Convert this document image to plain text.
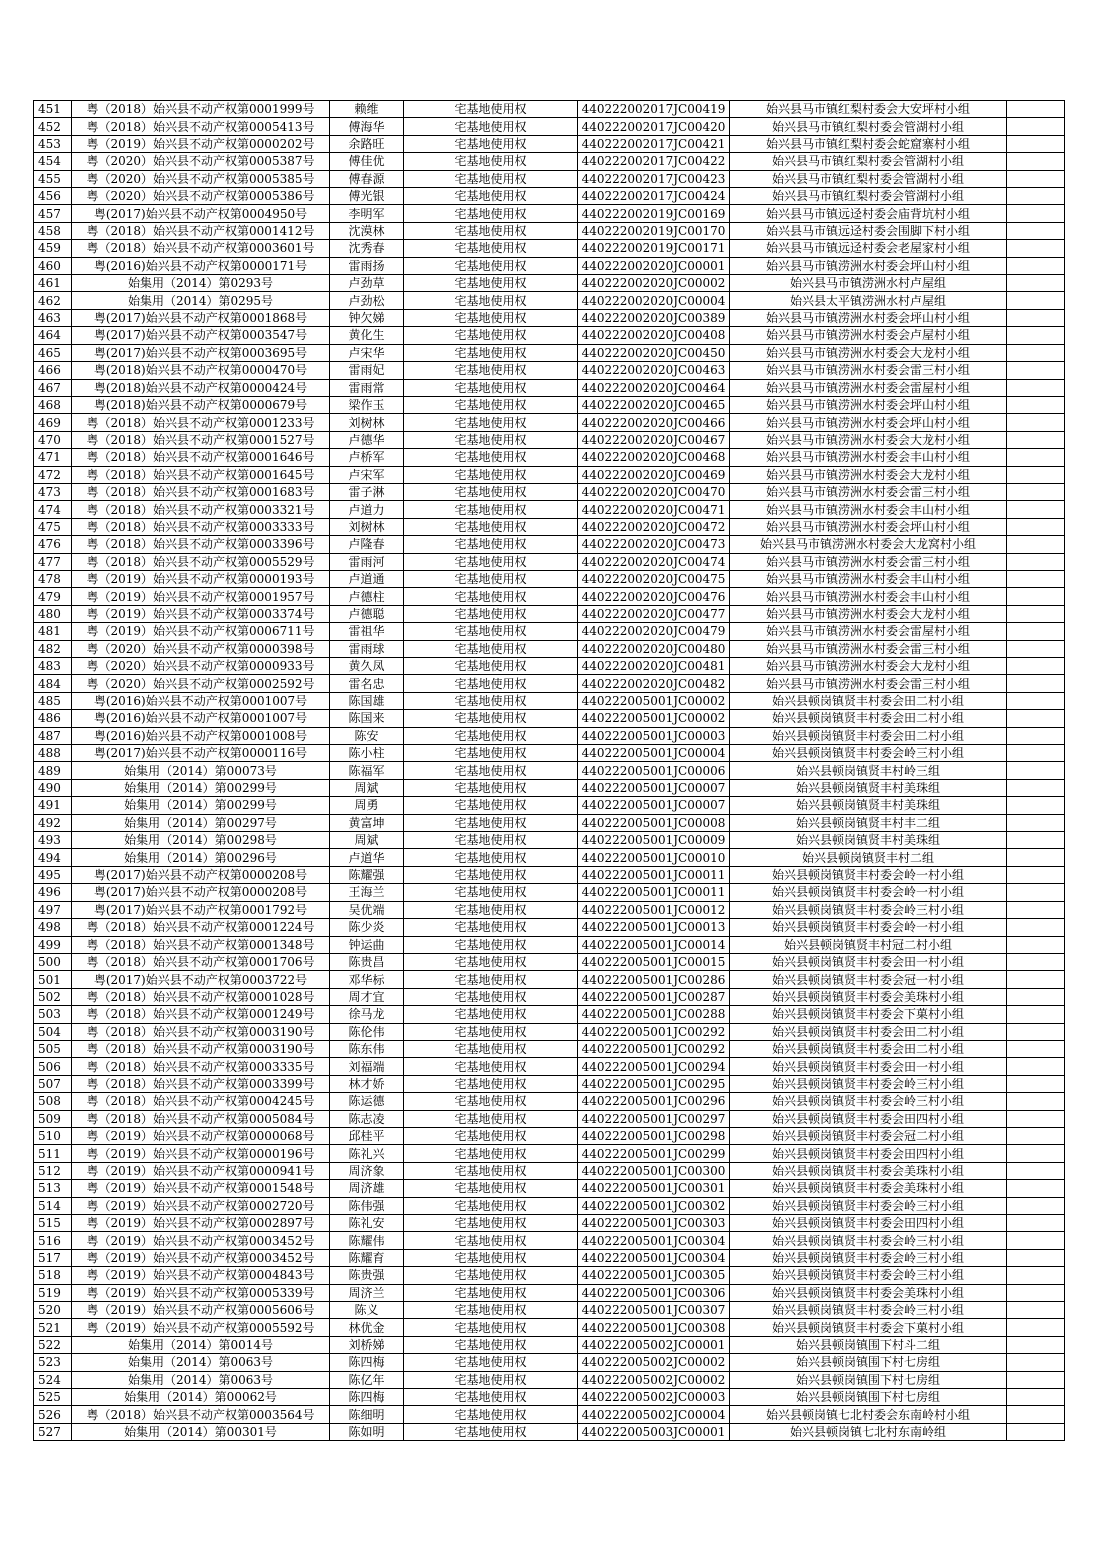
451	粤（2018）始兴县不动产权第0001999号	赖维	宅基地使用权	440222002017JC00419	始兴县马市镇红梨村委会大安坪村小组	
452	粤（2018）始兴县不动产权第0005413号	傅海华	宅基地使用权	440222002017JC00420	始兴县马市镇红梨村委会管湖村小组	
453	粤（2019）始兴县不动产权第0000202号	余路旺	宅基地使用权	440222002017JC00421	始兴县马市镇红梨村委会蛇窟寨村小组	
454	粤（2020）始兴县不动产权第0005387号	傅佳优	宅基地使用权	440222002017JC00422	始兴县马市镇红梨村委会管湖村小组	
455	粤（2020）始兴县不动产权第0005385号	傅春源	宅基地使用权	440222002017JC00423	始兴县马市镇红梨村委会管湖村小组	
456	粤（2020）始兴县不动产权第0005386号	傅光银	宅基地使用权	440222002017JC00424	始兴县马市镇红梨村委会管湖村小组	
457	粤(2017)始兴县不动产权第0004950号	李明军	宅基地使用权	440222002019JC00169	始兴县马市镇远迳村委会庙背坑村小组	
458	粤（2018）始兴县不动产权第0001412号	沈漠林	宅基地使用权	440222002019JC00170	始兴县马市镇远迳村委会围脚下村小组	
459	粤（2018）始兴县不动产权第0003601号	沈秀春	宅基地使用权	440222002019JC00171	始兴县马市镇远迳村委会老屋家村小组	
460	粤(2016)始兴县不动产权第0000171号	雷雨扬	宅基地使用权	440222002020JC00001	始兴县马市镇涝洲水村委会坪山村小组	
461	始集用（2014）第0293号	卢劲草	宅基地使用权	440222002020JC00002	始兴县马市镇涝洲水村卢屋组	
462	始集用（2014）第0295号	卢劲松	宅基地使用权	440222002020JC00004	始兴县太平镇涝洲水村卢屋组	
463	粤(2017)始兴县不动产权第0001868号	钟欠娣	宅基地使用权	440222002020JC00389	始兴县马市镇涝洲水村委会坪山村小组	
464	粤(2017)始兴县不动产权第0003547号	黄化生	宅基地使用权	440222002020JC00408	始兴县马市镇涝洲水村委会卢屋村小组	
465	粤(2017)始兴县不动产权第0003695号	卢宋华	宅基地使用权	440222002020JC00450	始兴县马市镇涝洲水村委会大龙村小组	
466	粤(2018)始兴县不动产权第0000470号	雷雨妃	宅基地使用权	440222002020JC00463	始兴县马市镇涝洲水村委会雷三村小组	
467	粤(2018)始兴县不动产权第0000424号	雷雨常	宅基地使用权	440222002020JC00464	始兴县马市镇涝洲水村委会雷屋村小组	
468	粤(2018)始兴县不动产权第0000679号	梁作玉	宅基地使用权	440222002020JC00465	始兴县马市镇涝洲水村委会坪山村小组	
469	粤（2018）始兴县不动产权第0001233号	刘树林	宅基地使用权	440222002020JC00466	始兴县马市镇涝洲水村委会坪山村小组	
470	粤（2018）始兴县不动产权第0001527号	卢德华	宅基地使用权	440222002020JC00467	始兴县马市镇涝洲水村委会大龙村小组	
471	粤（2018）始兴县不动产权第0001646号	卢桥军	宅基地使用权	440222002020JC00468	始兴县马市镇涝洲水村委会丰山村小组	
472	粤（2018）始兴县不动产权第0001645号	卢宋军	宅基地使用权	440222002020JC00469	始兴县马市镇涝洲水村委会大龙村小组	
473	粤（2018）始兴县不动产权第0001683号	雷子淋	宅基地使用权	440222002020JC00470	始兴县马市镇涝洲水村委会雷三村小组	
474	粤（2018）始兴县不动产权第0003321号	卢道力	宅基地使用权	440222002020JC00471	始兴县马市镇涝洲水村委会丰山村小组	
475	粤（2018）始兴县不动产权第0003333号	刘树林	宅基地使用权	440222002020JC00472	始兴县马市镇涝洲水村委会坪山村小组	
476	粤（2018）始兴县不动产权第0003396号	卢隆春	宅基地使用权	440222002020JC00473	始兴县马市镇涝洲水村委会大龙窝村小组	
477	粤（2018）始兴县不动产权第0005529号	雷雨河	宅基地使用权	440222002020JC00474	始兴县马市镇涝洲水村委会雷三村小组	
478	粤（2019）始兴县不动产权第0000193号	卢道通	宅基地使用权	440222002020JC00475	始兴县马市镇涝洲水村委会丰山村小组	
479	粤（2019）始兴县不动产权第0001957号	卢德柱	宅基地使用权	440222002020JC00476	始兴县马市镇涝洲水村委会丰山村小组	
480	粤（2019）始兴县不动产权第0003374号	卢德聪	宅基地使用权	440222002020JC00477	始兴县马市镇涝洲水村委会大龙村小组	
481	粤（2019）始兴县不动产权第0006711号	雷祖华	宅基地使用权	440222002020JC00479	始兴县马市镇涝洲水村委会雷屋村小组	
482	粤（2020）始兴县不动产权第0000398号	雷雨球	宅基地使用权	440222002020JC00480	始兴县马市镇涝洲水村委会雷三村小组	
483	粤（2020）始兴县不动产权第0000933号	黄久凤	宅基地使用权	440222002020JC00481	始兴县马市镇涝洲水村委会大龙村小组	
484	粤（2020）始兴县不动产权第0002592号	雷名忠	宅基地使用权	440222002020JC00482	始兴县马市镇涝洲水村委会雷三村小组	
485	粤(2016)始兴县不动产权第0001007号	陈国雄	宅基地使用权	440222005001JC00002	始兴县顿岗镇贤丰村委会田二村小组	
486	粤(2016)始兴县不动产权第0001007号	陈国来	宅基地使用权	440222005001JC00002	始兴县顿岗镇贤丰村委会田二村小组	
487	粤(2016)始兴县不动产权第0001008号	陈安	宅基地使用权	440222005001JC00003	始兴县顿岗镇贤丰村委会田二村小组	
488	粤(2017)始兴县不动产权第0000116号	陈小柱	宅基地使用权	440222005001JC00004	始兴县顿岗镇贤丰村委会岭三村小组	
489	始集用（2014）第00073号	陈福军	宅基地使用权	440222005001JC00006	始兴县顿岗镇贤丰村岭三组	
490	始集用（2014）第00299号	周斌	宅基地使用权	440222005001JC00007	始兴县顿岗镇贤丰村美珠组	
491	始集用（2014）第00299号	周勇	宅基地使用权	440222005001JC00007	始兴县顿岗镇贤丰村美珠组	
492	始集用（2014）第00297号	黄富坤	宅基地使用权	440222005001JC00008	始兴县顿岗镇贤丰村丰二组	
493	始集用（2014）第00298号	周斌	宅基地使用权	440222005001JC00009	始兴县顿岗镇贤丰村美珠组	
494	始集用（2014）第00296号	卢道华	宅基地使用权	440222005001JC00010	始兴县顿岗镇贤丰村二组	
495	粤(2017)始兴县不动产权第0000208号	陈耀强	宅基地使用权	440222005001JC00011	始兴县顿岗镇贤丰村委会岭一村小组	
496	粤(2017)始兴县不动产权第0000208号	王海兰	宅基地使用权	440222005001JC00011	始兴县顿岗镇贤丰村委会岭一村小组	
497	粤(2017)始兴县不动产权第0001792号	吴优端	宅基地使用权	440222005001JC00012	始兴县顿岗镇贤丰村委会岭三村小组	
498	粤（2018）始兴县不动产权第0001224号	陈少炎	宅基地使用权	440222005001JC00013	始兴县顿岗镇贤丰村委会岭一村小组	
499	粤（2018）始兴县不动产权第0001348号	钟运曲	宅基地使用权	440222005001JC00014	始兴县顿岗镇贤丰村冠二村小组	
500	粤（2018）始兴县不动产权第0001706号	陈贵昌	宅基地使用权	440222005001JC00015	始兴县顿岗镇贤丰村委会田一村小组	
501	粤(2017)始兴县不动产权第0003722号	邓华标	宅基地使用权	440222005001JC00286	始兴县顿岗镇贤丰村委会冠一村小组	
502	粤（2018）始兴县不动产权第0001028号	周才宜	宅基地使用权	440222005001JC00287	始兴县顿岗镇贤丰村委会美珠村小组	
503	粤（2018）始兴县不动产权第0001249号	徐马龙	宅基地使用权	440222005001JC00288	始兴县顿岗镇贤丰村委会下菓村小组	
504	粤（2018）始兴县不动产权第0003190号	陈伦伟	宅基地使用权	440222005001JC00292	始兴县顿岗镇贤丰村委会田二村小组	
505	粤（2018）始兴县不动产权第0003190号	陈东伟	宅基地使用权	440222005001JC00292	始兴县顿岗镇贤丰村委会田二村小组	
506	粤（2018）始兴县不动产权第0003335号	刘福端	宅基地使用权	440222005001JC00294	始兴县顿岗镇贤丰村委会田一村小组	
507	粤（2018）始兴县不动产权第0003399号	林才娇	宅基地使用权	440222005001JC00295	始兴县顿岗镇贤丰村委会岭三村小组	
508	粤（2018）始兴县不动产权第0004245号	陈运德	宅基地使用权	440222005001JC00296	始兴县顿岗镇贤丰村委会岭三村小组	
509	粤（2018）始兴县不动产权第0005084号	陈志凌	宅基地使用权	440222005001JC00297	始兴县顿岗镇贤丰村委会田四村小组	
510	粤（2019）始兴县不动产权第0000068号	邱桂平	宅基地使用权	440222005001JC00298	始兴县顿岗镇贤丰村委会冠二村小组	
511	粤（2019）始兴县不动产权第0000196号	陈礼兴	宅基地使用权	440222005001JC00299	始兴县顿岗镇贤丰村委会田四村小组	
512	粤（2019）始兴县不动产权第0000941号	周济象	宅基地使用权	440222005001JC00300	始兴县顿岗镇贤丰村委会美珠村小组	
513	粤（2019）始兴县不动产权第0001548号	周济雄	宅基地使用权	440222005001JC00301	始兴县顿岗镇贤丰村委会美珠村小组	
514	粤（2019）始兴县不动产权第0002720号	陈伟强	宅基地使用权	440222005001JC00302	始兴县顿岗镇贤丰村委会岭三村小组	
515	粤（2019）始兴县不动产权第0002897号	陈礼安	宅基地使用权	440222005001JC00303	始兴县顿岗镇贤丰村委会田四村小组	
516	粤（2019）始兴县不动产权第0003452号	陈耀伟	宅基地使用权	440222005001JC00304	始兴县顿岗镇贤丰村委会岭三村小组	
517	粤（2019）始兴县不动产权第0003452号	陈耀育	宅基地使用权	440222005001JC00304	始兴县顿岗镇贤丰村委会岭三村小组	
518	粤（2019）始兴县不动产权第0004843号	陈贵强	宅基地使用权	440222005001JC00305	始兴县顿岗镇贤丰村委会岭三村小组	
519	粤（2019）始兴县不动产权第0005339号	周济兰	宅基地使用权	440222005001JC00306	始兴县顿岗镇贤丰村委会美珠村小组	
520	粤（2019）始兴县不动产权第0005606号	陈义	宅基地使用权	440222005001JC00307	始兴县顿岗镇贤丰村委会岭三村小组	
521	粤（2019）始兴县不动产权第0005592号	林优金	宅基地使用权	440222005001JC00308	始兴县顿岗镇贤丰村委会下菓村小组	
522	始集用（2014）第0014号	刘桥娣	宅基地使用权	440222005002JC00001	始兴县顿岗镇围下村斗二组	
523	始集用（2014）第0063号	陈四梅	宅基地使用权	440222005002JC00002	始兴县顿岗镇围下村七房组	
524	始集用（2014）第0063号	陈亿年	宅基地使用权	440222005002JC00002	始兴县顿岗镇围下村七房组	
525	始集用（2014）第00062号	陈四梅	宅基地使用权	440222005002JC00003	始兴县顿岗镇围下村七房组	
526	粤（2018）始兴县不动产权第0003564号	陈细明	宅基地使用权	440222005002JC00004	始兴县顿岗镇七北村委会东南岭村小组	
527	始集用（2014）第00301号	陈如明	宅基地使用权	440222005003JC00001	始兴县顿岗镇七北村东南岭组	
